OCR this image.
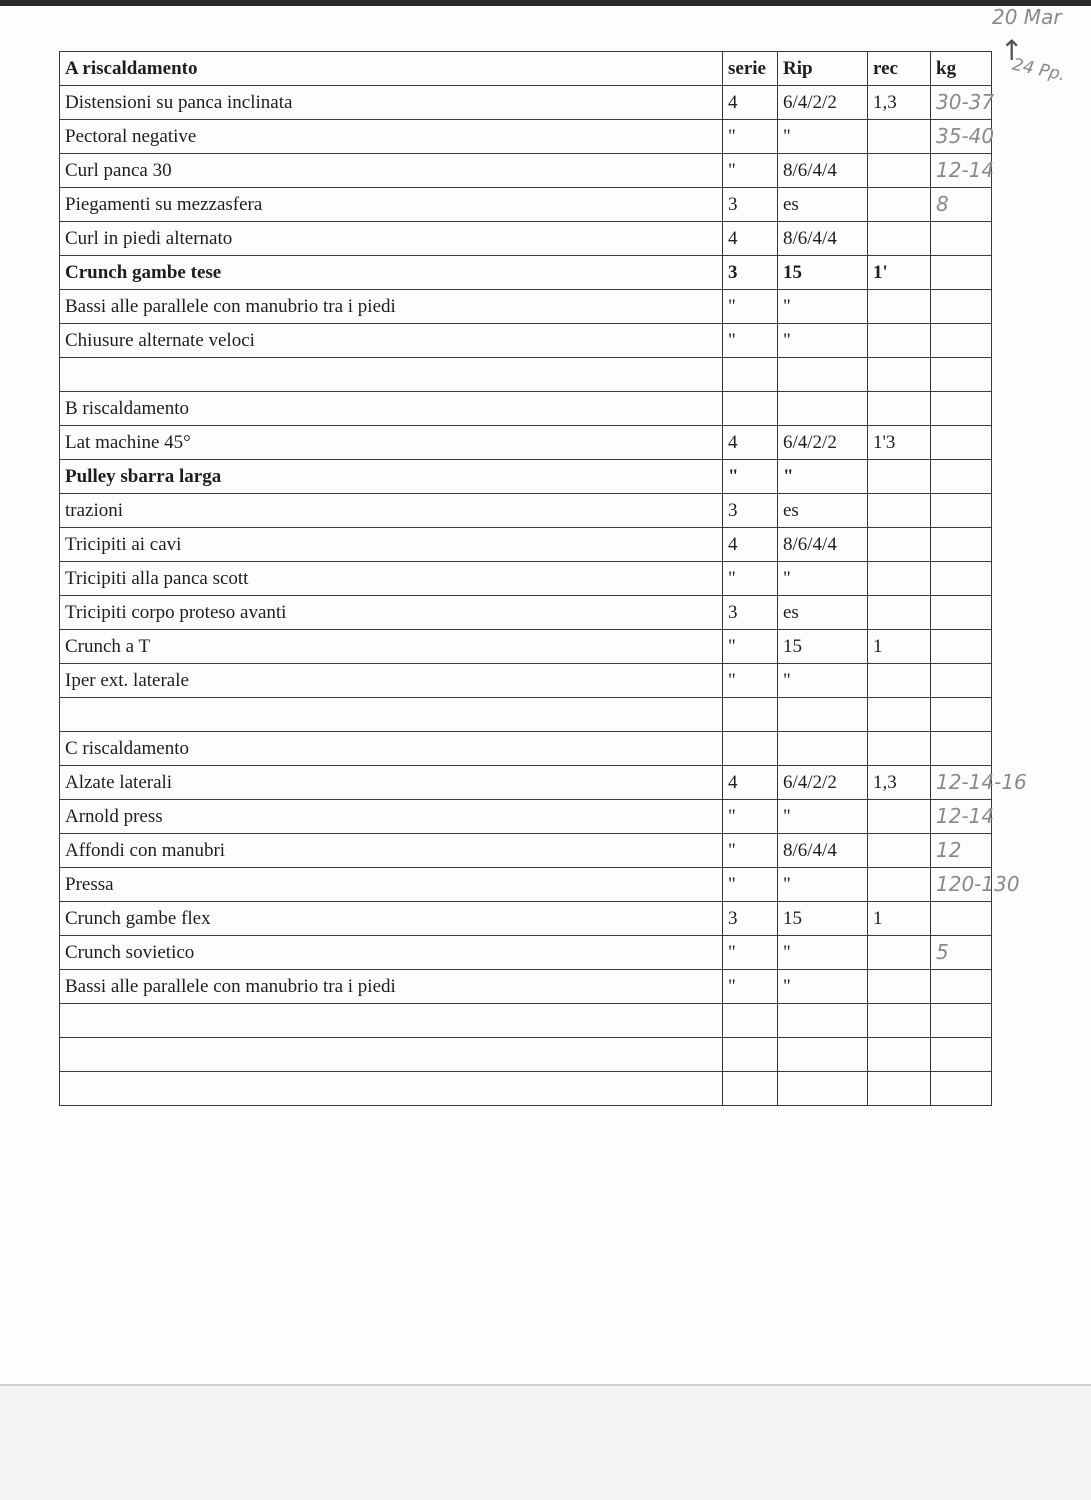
20 Mar
↑
24 Pp.
A riscaldamento	serie	Rip	rec	kg
Distensioni su panca inclinata	4	6/4/2/2	1,3	30-37
Pectoral negative	"	"		35-40
Curl panca 30	"	8/6/4/4		12-14
Piegamenti su mezzasfera	3	es		8
Curl in piedi alternato	4	8/6/4/4		
Crunch gambe tese	3	15	1'	
Bassi alle parallele con manubrio tra i piedi	"	"		
Chiusure alternate veloci	"	"		

B riscaldamento				
Lat machine 45°	4	6/4/2/2	1'3	
Pulley sbarra larga	"	"		
trazioni	3	es		
Tricipiti ai cavi	4	8/6/4/4		
Tricipiti alla panca scott	"	"		
Tricipiti corpo proteso avanti	3	es		
Crunch a T	"	15	1	
Iper ext. laterale	"	"		

C riscaldamento				
Alzate laterali	4	6/4/2/2	1,3	12-14-16
Arnold press	"	"		12-14
Affondi con manubri	"	8/6/4/4		12
Pressa	"	"		120-130
Crunch gambe flex	3	15	1	
Crunch sovietico	"	"		5
Bassi alle parallele con manubrio tra i piedi	"	"		
